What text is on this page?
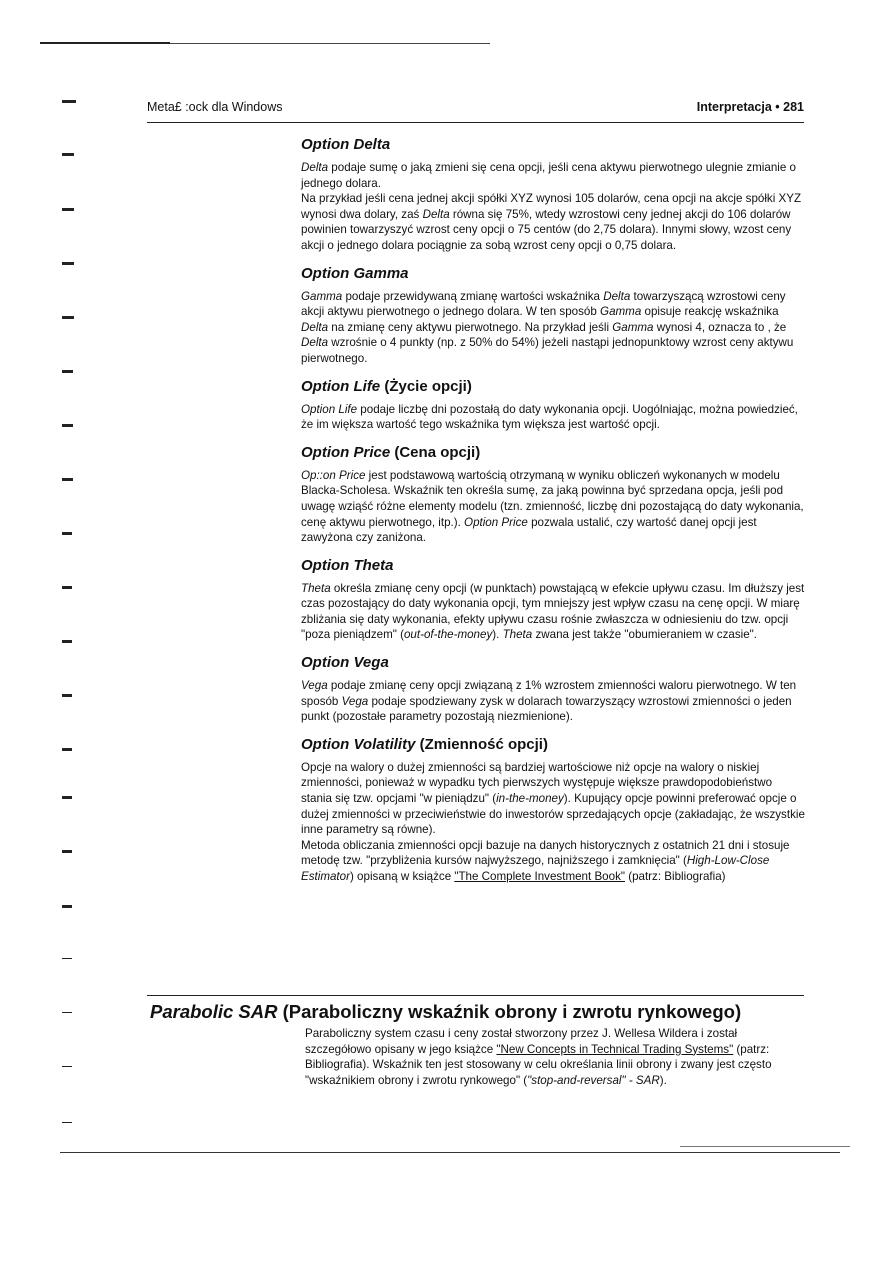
Meta£ :ock dla Windows	Interpretacja • 281
Option Delta

Delta podaje sumę o jaką zmieni się cena opcji, jeśli cena aktywu pierwotnego ulegnie zmianie o jednego dolara.
Na przykład jeśli cena jednej akcji spółki XYZ wynosi 105 dolarów, cena opcji na akcje spółki XYZ wynosi dwa dolary, zaś Delta równa się 75%, wtedy wzrostowi ceny jednej akcji do 106 dolarów powinien towarzyszyć wzrost ceny opcji o 75 centów (do 2,75 dolara). Innymi słowy, wzost ceny akcji o jednego dolara pociągnie za sobą wzrost ceny opcji o 0,75 dolara.

Option Gamma

Gamma podaje przewidywaną zmianę wartości wskaźnika Delta towarzyszącą wzrostowi ceny akcji aktywu pierwotnego o jednego dolara. W ten sposób Gamma opisuje reakcję wskaźnika Delta na zmianę ceny aktywu pierwotnego. Na przykład jeśli Gamma wynosi 4, oznacza to , że Delta wzrośnie o 4 punkty (np. z 50% do 54%) jeżeli nastąpi jednopunktowy wzrost ceny aktywu pierwotnego.

Option Life (Życie opcji)

Option Life podaje liczbę dni pozostałą do daty wykonania opcji. Uogólniając, można powiedzieć, że im większa wartość tego wskaźnika tym większa jest wartość opcji.

Option Price (Cena opcji)

Op::on Price jest podstawową wartością otrzymaną w wyniku obliczeń wykonanych w modelu Blacka-Scholesa. Wskaźnik ten określa sumę, za jaką powinna być sprzedana opcja, jeśli pod uwagę wziąść różne elementy modelu (tzn. zmienność, liczbę dni pozostającą do daty wykonania, cenę aktywu pierwotnego, itp.). Option Price pozwala ustalić, czy wartość danej opcji jest zawyżona czy zaniżona.

Option Theta

Theta określa zmianę ceny opcji (w punktach) powstającą w efekcie upływu czasu. Im dłuższy jest czas pozostający do daty wykonania opcji, tym mniejszy jest wpływ czasu na cenę opcji. W miarę zbliżania się daty wykonania, efekty upływu czasu rośnie zwłaszcza w odniesieniu do tzw. opcji "poza pieniądzem" (out-of-the-money). Theta zwana jest także "obumieraniem w czasie".

Option Vega

Vega podaje zmianę ceny opcji związaną z 1% wzrostem zmienności waloru pierwotnego. W ten sposób Vega podaje spodziewany zysk w dolarach towarzyszący wzrostowi zmienności o jeden punkt (pozostałe parametry pozostają niezmienione).

Option Volatility (Zmienność opcji)

Opcje na walory o dużej zmienności są bardziej wartościowe niż opcje na walory o niskiej zmienności, ponieważ w wypadku tych pierwszych występuje większe prawdopodobieństwo stania się tzw. opcjami "w pieniądzu" (in-the-money). Kupujący opcje powinni preferować opcje o dużej zmienności w przeciwieństwie do inwestorów sprzedających opcje (zakładając, że wszystkie inne parametry są równe).
Metoda obliczania zmienności opcji bazuje na danych historycznych z ostatnich 21 dni i stosuje metodę tzw. "przybliżenia kursów najwyższego, najniższego i zamknięcia" (High-Low-Close Estimator) opisaną w książce "The Complete Investment Book" (patrz: Bibliografia)

Parabolic SAR (Paraboliczny wskaźnik obrony i zwrotu rynkowego)
Paraboliczny system czasu i ceny został stworzony przez J. Wellesa Wildera i został szczegółowo opisany w jego książce "New Concepts in Technical Trading Systems" (patrz: Bibliografia). Wskaźnik ten jest stosowany w celu określania linii obrony i zwany jest często "wskaźnikiem obrony i zwrotu rynkowego" ("stop-and-reversal" - SAR).
